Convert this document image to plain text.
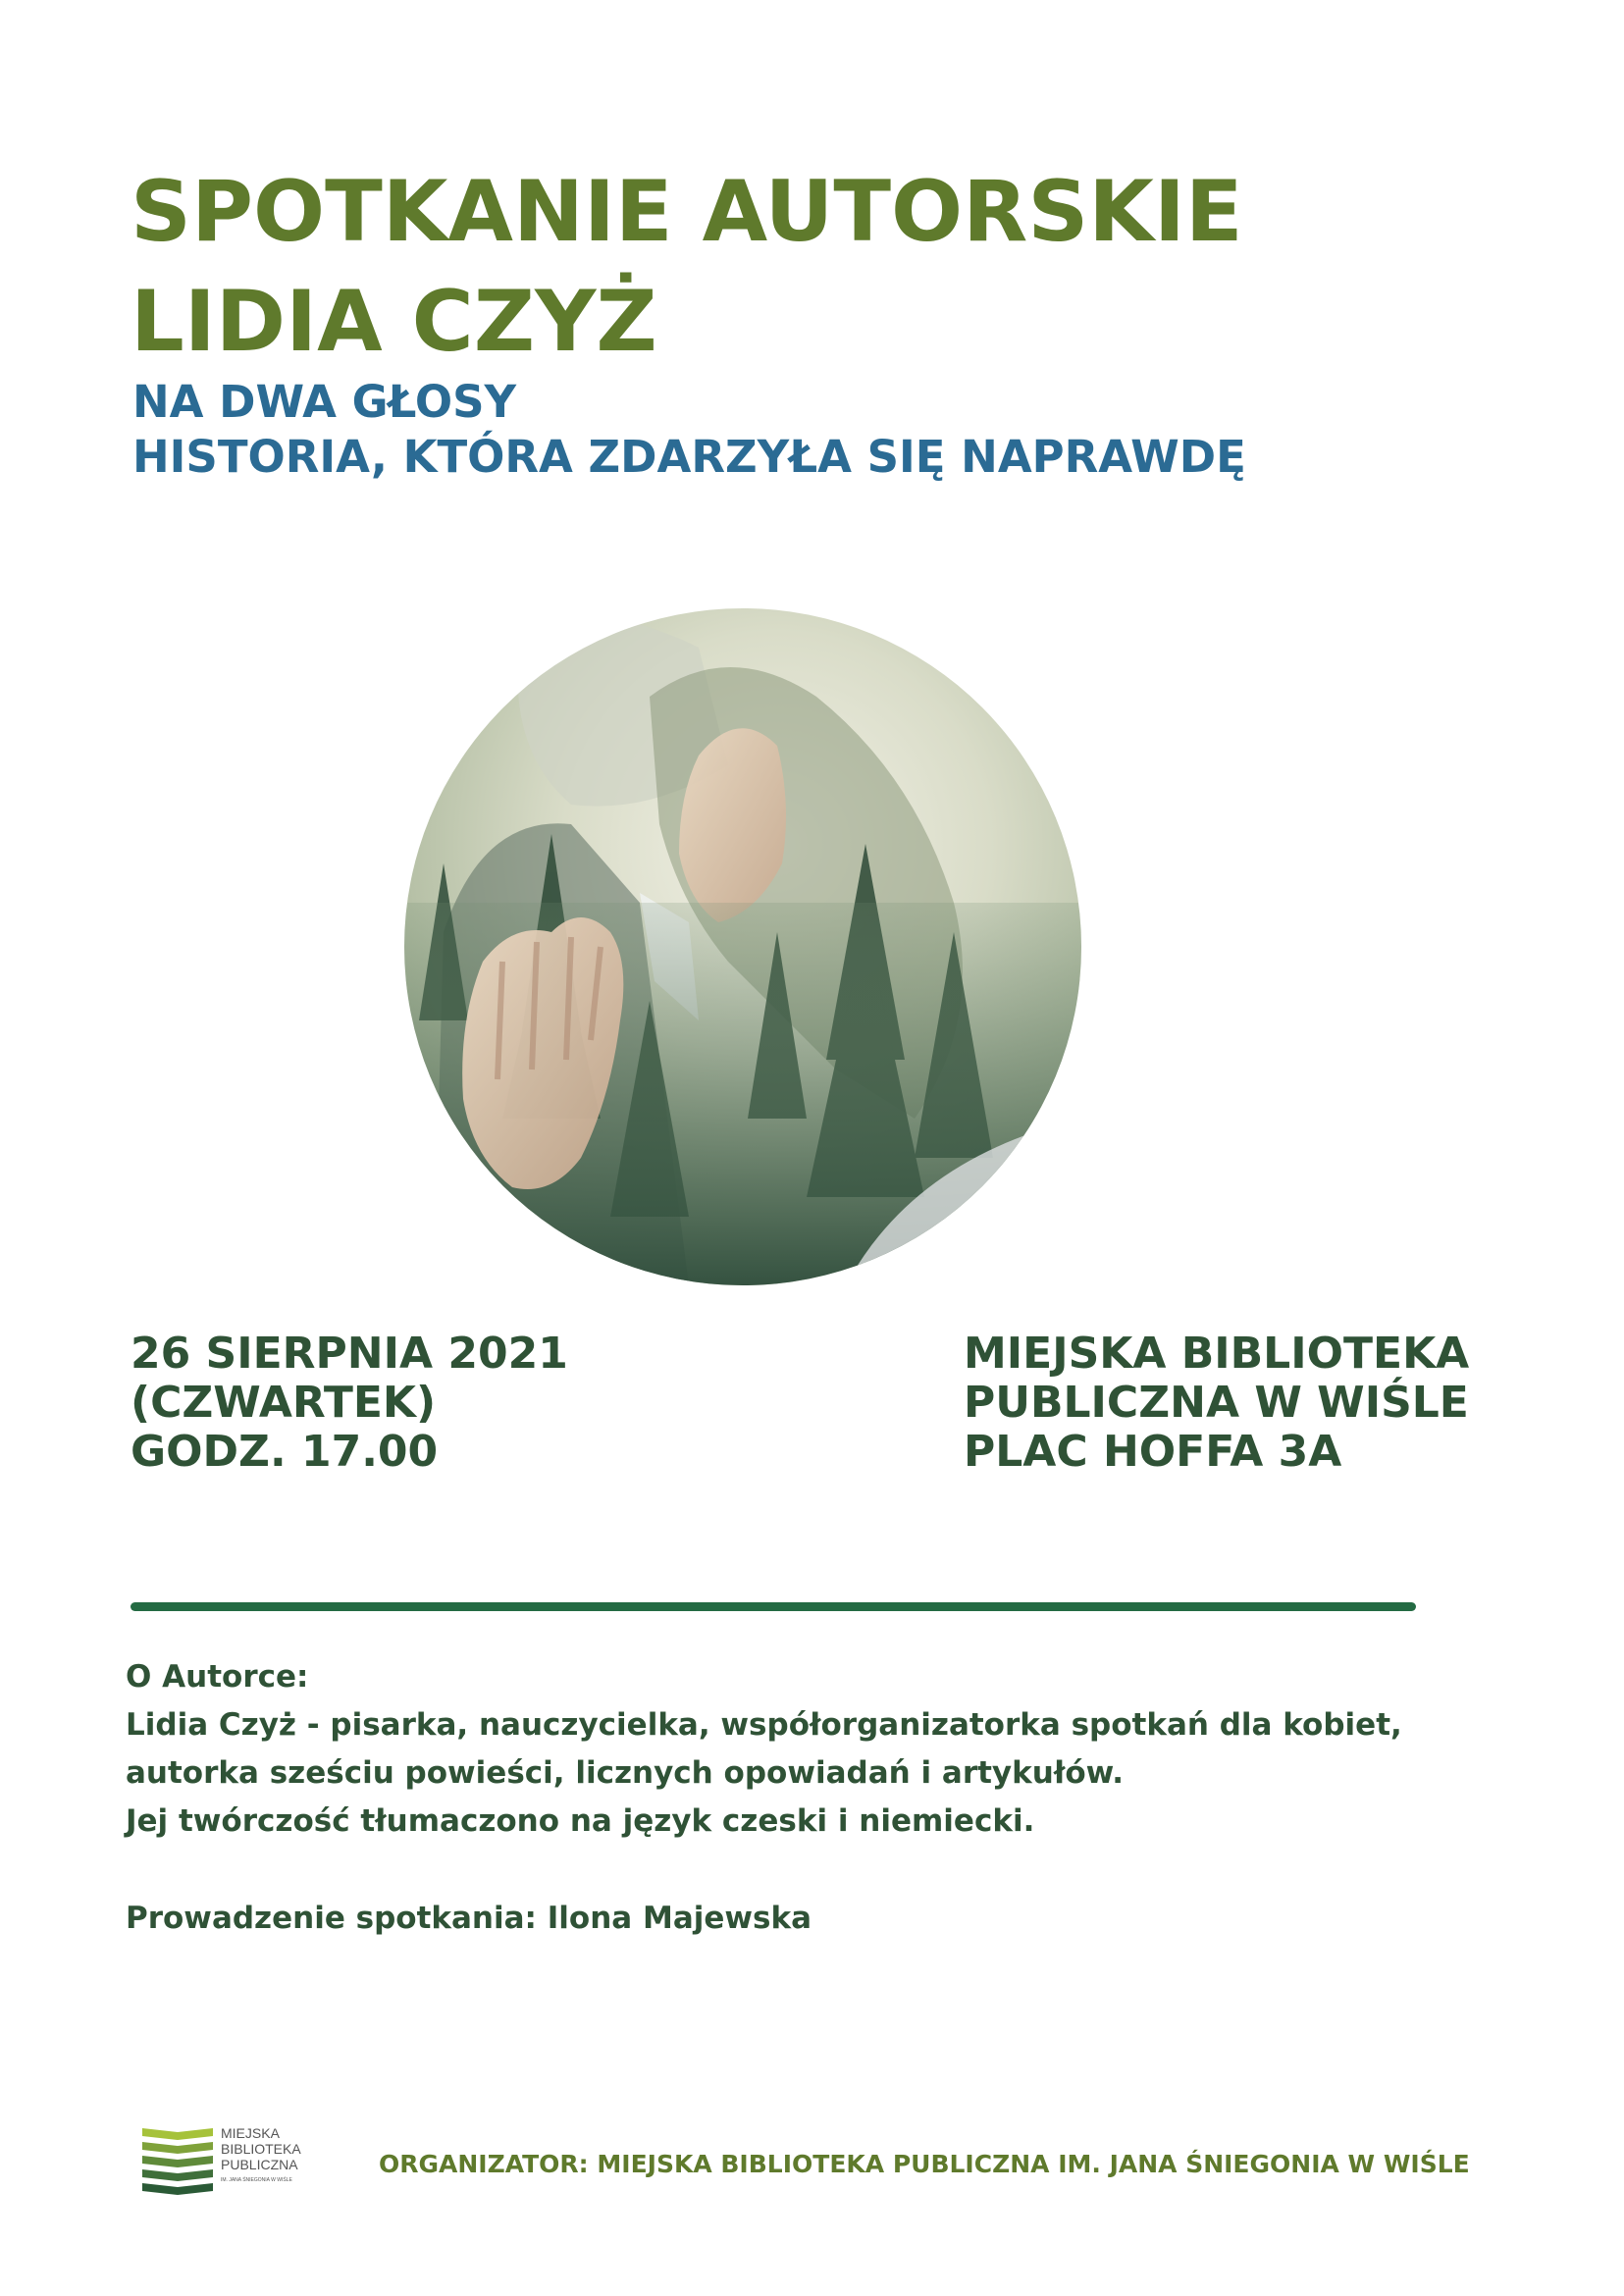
SPOTKANIE AUTORSKIE
LIDIA CZYŻ
NA DWA GŁOSY
HISTORIA, KTÓRA ZDARZYŁA SIĘ NAPRAWDĘ
26 SIERPNIA 2021
(CZWARTEK)
GODZ. 17.00
MIEJSKA BIBLIOTEKA
PUBLICZNA W WIŚLE
PLAC HOFFA 3A

O Autorce:

Lidia Czyż - pisarka, nauczycielka, współorganizatorka spotkań dla kobiet,

autorka sześciu powieści, licznych opowiadań i artykułów.

Jej twórczość tłumaczono na język czeski i niemiecki.

Prowadzenie spotkania: Ilona Majewska

MIEJSKA
BIBLIOTEKA
PUBLICZNA
IM. JANA ŚNIEGONIA W WIŚLE

ORGANIZATOR: MIEJSKA BIBLIOTEKA PUBLICZNA IM. JANA ŚNIEGONIA W WIŚLE
